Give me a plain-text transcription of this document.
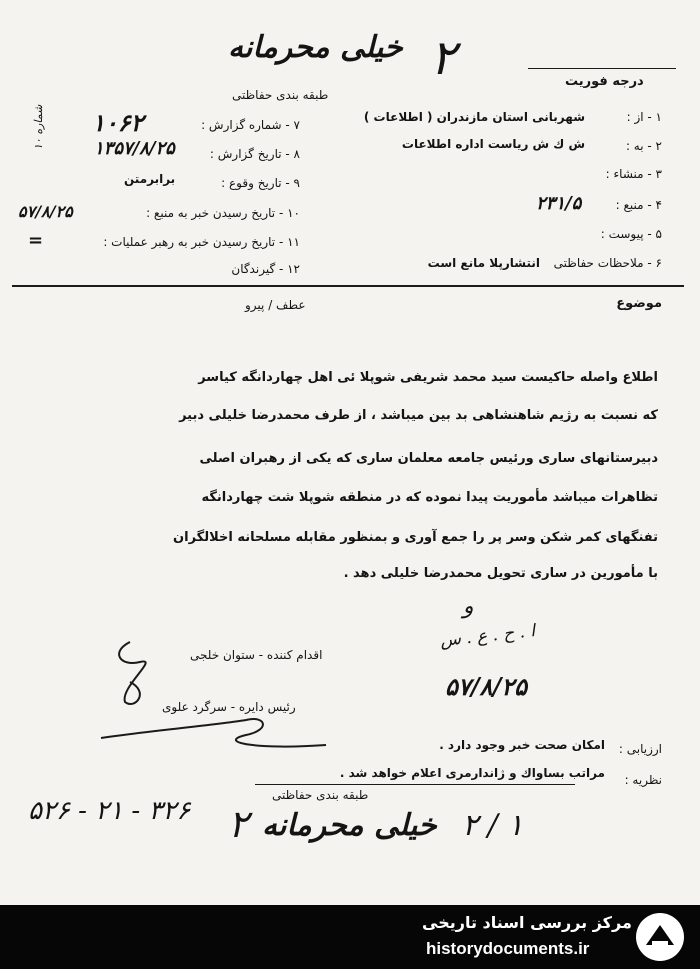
خیلی محرمانه ۲
طبقه بندی حفاظتی
درجه فوریت
۷ - شماره گزارش :
۱۰۶۲
۸ - تاریخ گزارش :
۱۳۵۷/۸/۲۵
۹ - تاریخ وقوع :
برابرمتن
۱۰ - تاریخ رسیدن خبر به منبع :
۵۷/۸/۲۵
۱۱ - تاریخ رسیدن خبر به رهبر عملیات :
=
۱۲ - گیرندگان
شماره ۱۰	۱ - از :
شهربانی استان مازندران ( اطلاعات )
۲ - به :
ش ك ش ریاست اداره اطلاعات
۳ - منشاء :
۴ - منبع :
۲۳۱/۵
۵ - پیوست :
۶ - ملاحظات حفاظتی
انتشارپلا مانع است
موضوع
عطف / پیرو
اطلاع واصله حاکیست سید محمد شریفی شوپلا ئی اهل چهاردانگه کیاسر
که نسبت به رژیم شاهنشاهی بد بین میباشد ، از طرف محمدرضا خلیلی دبیر
دبیرستانهای ساری ورئیس جامعه معلمان ساری که یکی از رهبران اصلی
تظاهرات میباشد مأموریت پیدا نموده که در منطقه شوپلا شت چهاردانگه
تفنگهای کمر شکن وسر پر را جمع آوری و بمنظور مقابله مسلحانه اخلالگران
با مأمورین در ساری تحویل محمدرضا خلیلی دهد .
و
ا . ح . ع . س
۵۷/۸/۲۵
اقدام کننده - ستوان خلجی
رئیس دایره - سرگرد علوی
ارزیابی :
امکان صحت خبر وجود دارد .
نظریه :
مراتب بساواك و ژاندارمری اعلام خواهد شد .
طبقه بندی حفاظتی
۵۲۶ - ۲۱ - ۳۲۶ ۲ خیلی محرمانه ۲ / ۱
مرکز بررسی اسناد تاریخی
historydocuments.ir
